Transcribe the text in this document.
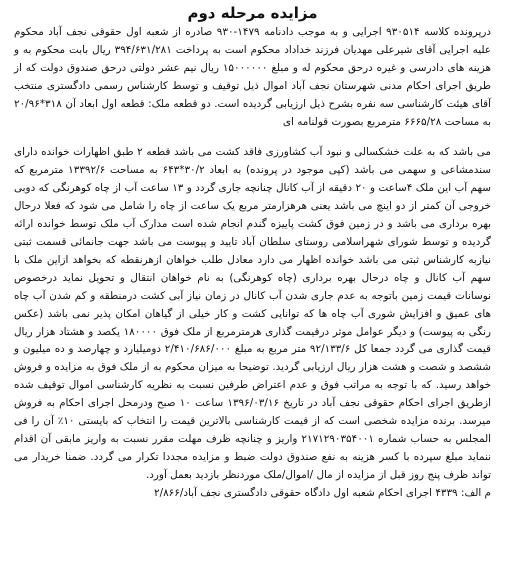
مزایده مرحله دوم

درپرونده کلاسه ۹۳۰۵۱۴ اجرایی و به موجب دادنامه ۱۴۷۹-۹۳۰ صادره از شعبه اول حقوقی نجف آباد محکوم علیه اجرایی آقای شیرعلی مهدیان فرزند خداداد محکوم است به پرداخت ۳۹۴/۶۳۱/۲۸۱ ریال بابت محکوم به و هزینه های دادرسی و غیره درحق محکوم له و مبلغ ۱۵۰۰۰۰۰۰ ریال نیم عشر دولتی درحق صندوق دولت که از طریق اجرای احکام مدنی شهرستان نجف آباد اموال ذیل توقیف و توسط کارشناس رسمی دادگستری منتخب آقای هیئت کارشناسی سه نفره بشرح ذیل ارزیابی گردیده است. دو قطعه ملک: قطعه اول ابعاد آن ۳۱۸*۲۰/۹۶ به مساحت ۶۶۶۵/۲۸ مترمربع بصورت قولنامه ای

می باشد که به علت خشکسالی و نبود آب کشاورزی فاقد کشت می باشد قطعه ۲ طبق اظهارات خوانده دارای سندمشاعی و سهمی می باشد (کپی موجود در پرونده) به ابعاد ۳۰/۲*۶۴۳ به مساحت ۱۳۳۹۲/۶ مترمربع که سهم آب این ملک ۴ساعت و ۲۰ دقیقه از آب کانال چنانچه جاری گردد و ۱۳ ساعت آب از چاه کوهرنگی که دوبی خروجی آن کمتر از دو اینچ می باشد یعنی هرهزارمتر مربع یک ساعت از چاه را شامل می شود که فعلا درحال بهره برداری می باشد و در زمین فوق کشت پاییزه گندم انجام شده است مدارک آب ملک توسط خوانده ارائه گردیده و توسط شورای شهراسلامی روستای سلطان آباد تایید و پیوست می باشد جهت جانمائی قسمت ثبتی نیازبه کارشناس ثبتی می باشد خوانده اظهار می دارد معادل طلب خواهان ازهرنقطه که بخواهد ازاین ملک با سهم آب کانال و چاه درحال بهره برداری (چاه کوهرنگی) به نام خواهان انتقال و تحویل نماید درخصوص نوسانات قیمت زمین باتوجه به عدم جاری شدن آب کانال در زمان نیاز آبی کشت درمنطقه و کم شدن آب چاه های عمیق و افزایش شوری آب چاه ها که توانایی کشت و کار خیلی از گیاهان امکان پذیر نمی باشد (عکس رنگی به پیوست) و دیگر عوامل موثر درقیمت گذاری هرمترمربع از ملک فوق ۱۸۰۰۰۰ یکصد و هشتاد هزار ریال قیمت گذاری می گردد جمعا کل ۹۲/۱۳۳/۶ متر مربع به مبلغ ۲/۴۱۰/۶۸۶/۰۰۰ دومیلیارد و چهارصد و ده میلیون و ششصد و شصت و هشت هزار ریال ارزیابی گردید. توضیحا به میزان محکوم به از ملک فوق به مزایده و فروش خواهد رسید. که با توجه به مراتب فوق و عدم اعتراض طرفین نسبت به نظریه کارشناسی اموال توقیف شده ازطریق اجرای احکام حقوقی نجف آباد در تاریخ ۱۳۹۶/۰۳/۱۶ ساعت ۱۰ صبح ودرمحل اجرای احکام به فروش میرسد. برنده مزایده شخصی است که از قیمت کارشناسی بالاترین قیمت را انتخاب که بایستی ۱۰٪ آن را فی المجلس به حساب شماره ۲۱۷۱۲۹۰۳۵۴۰۰۱ واریز و چنانچه ظرف مهلت مقرر نسبت به واریز مابقی آن اقدام ننماید مبلغ سپرده با کسر هزینه به نفع صندوق دولت ضبط و مزایده مجددا تکرار می گردد. ضمنا خریدار می تواند ظرف پنج روز قبل از مزایده از مال /اموال/ملک موردنظر بازدید بعمل آورد.

م الف: ۴۳۳۹ اجرای احکام شعبه اول دادگاه حقوقی دادگستری نجف آباد/۲/۸۶۶
